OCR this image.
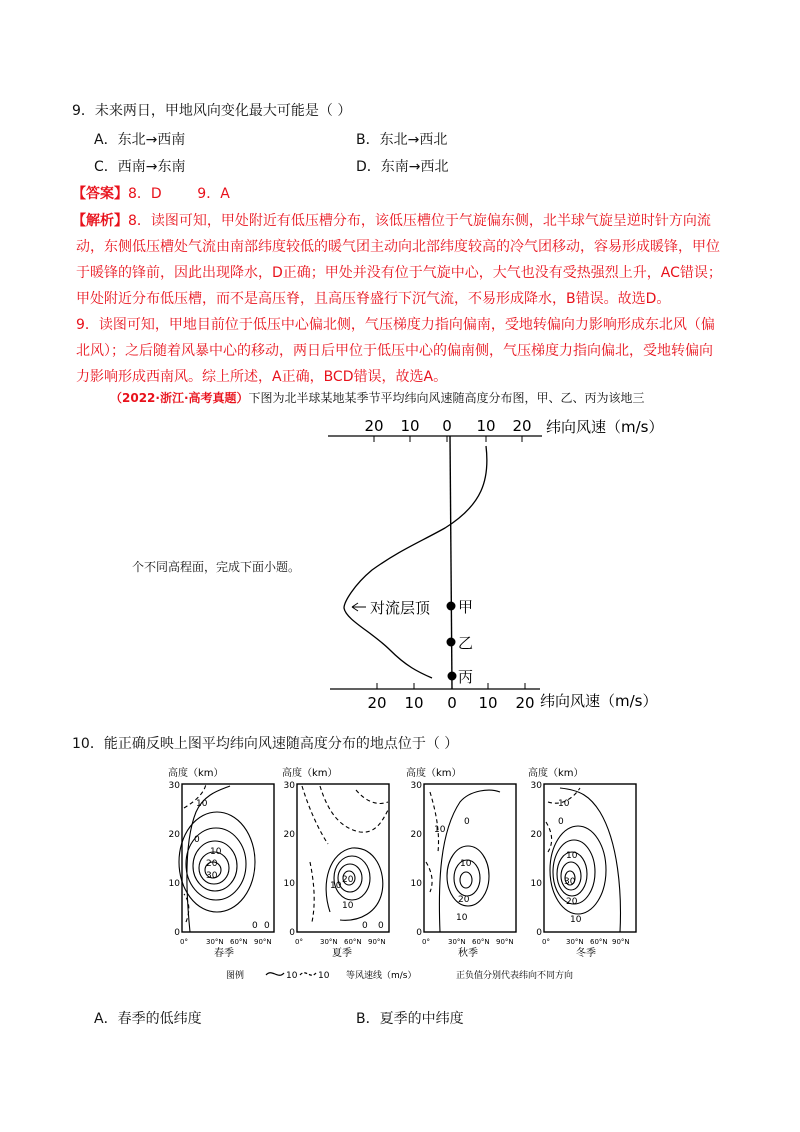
9．未来两日，甲地风向变化最大可能是（ ）
A．东北→西南	B．东北→西北
C．西南→东南	D．东南→西北
【答案】8．D        9．A
【解析】8．读图可知，甲处附近有低压槽分布，该低压槽位于气旋偏东侧，北半球气旋呈逆时针方向流
动，东侧低压槽处气流由南部纬度较低的暖气团主动向北部纬度较高的冷气团移动，容易形成暖锋，甲位
于暖锋的锋前，因此出现降水，D正确；甲处并没有位于气旋中心，大气也没有受热强烈上升，AC错误；
甲处附近分布低压槽，而不是高压脊，且高压脊盛行下沉气流，不易形成降水，B错误。故选D。
9．读图可知，甲地目前位于低压中心偏北侧，气压梯度力指向偏南，受地转偏向力影响形成东北风（偏
北风）；之后随着风暴中心的移动，两日后甲位于低压中心的偏南侧，气压梯度力指向偏北，受地转偏向
力影响形成西南风。综上所述，A正确，BCD错误，故选A。
（2022·浙江·高考真题）下图为北半球某地某季节平均纬向风速随高度分布图，甲、乙、丙为该地三
个不同高程面，完成下面小题。
20 10 0 10 20 纬向风速（m/s）
20 10 0 10 20 纬向风速（m/s）
对流层顶 甲
乙
丙
10．能正确反映上图平均纬向风速随高度分布的地点位于（ ）
高度（km）
30
20
10
0
0°	30°N 60°N 90°N
10
0
10
20
30
0 0
春季
高度（km）
30
20
10
0
0° 30°N 60°N 90°N
10
20
10
0 0
夏季
高度（km）
30
20
10
0
0°	30°N 60°N 90°N
10
0
10
20
10
秋季
高度（km）
30
20
10
0
0° 30°N 60°N 90°N
10
0
10
30
20
10
冬季
图例	10 10 等风速线（m/s）	正负值分别代表纬向不同方向
A．春季的低纬度	B．夏季的中纬度
